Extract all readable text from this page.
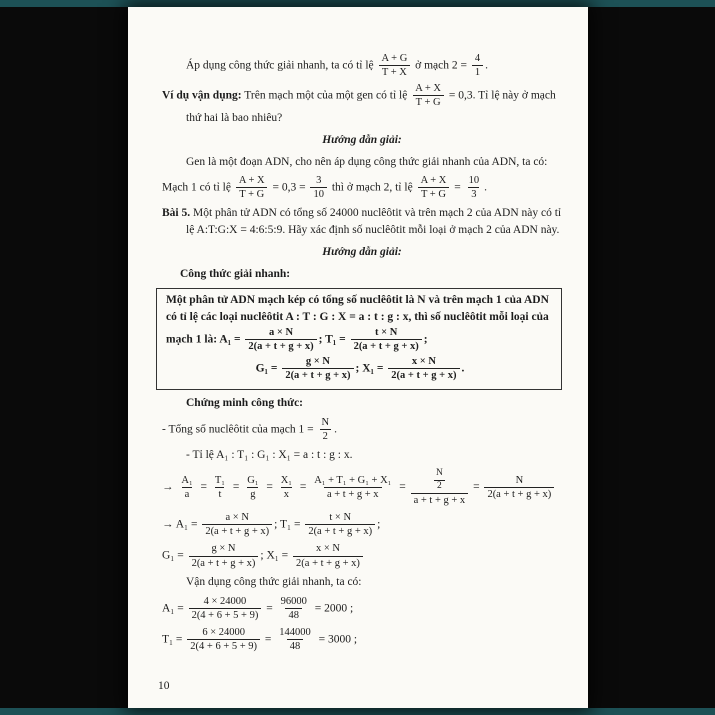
Áp dụng công thức giải nhanh, ta có tỉ lệ $\frac{A + G}{T + X}$ ở mạch $2 = \frac{4}{1}$ .

Ví dụ vận dụng: Trên mạch một của một gen có tỉ lệ $\frac{A + X}{T + G} = 0,3$. Tỉ lệ này ở mạch thứ hai là bao nhiêu?

Hướng dẫn giải:

Gen là một đoạn ADN, cho nên áp dụng công thức giải nhanh của ADN, ta có:

Mạch 1 có tỉ lệ $\frac{A + X}{T + G} = 0,3 = \frac{3}{10}$ thì ở mạch 2, tỉ lệ $\frac{A + X}{T + G} = \frac{10}{3}$ .

Bài 5. Một phân tử ADN có tổng số 24000 nuclêôtit và trên mạch 2 của ADN này có tỉ lệ A:T:G:X = 4:6:5:9. Hãy xác định số nuclêôtit mỗi loại ở mạch 2 của ADN này.

Hướng dẫn giải:

Công thức giải nhanh:

Một phân tử ADN mạch kép có tổng số nuclêôtit là N và trên mạch 1 của ADN có tỉ lệ các loại nuclêôtit A : T : G : X = a : t : g : x, thì số nuclêôtit mỗi loại của mạch 1 là: $A_1 = \frac{a \times N}{2(a + t + g + x)}$ ; $T_1 = \frac{t \times N}{2(a + t + g + x)}$ ;
$G_1 = \frac{g \times N}{2(a + t + g + x)}$ ; $X_1 = \frac{x \times N}{2(a + t + g + x)}$ .

Chứng minh công thức:

- Tổng số nuclêôtit của mạch $1 = \frac{N}{2}$ .

- Tỉ lệ A₁ : T₁ : G₁ : X₁ = a : t : g : x.

→ $\frac{\text{A₁}}{a} = \frac{\text{T₁}}{t} = \frac{\text{G₁}}{g} = \frac{\text{X₁}}{x} = \frac{\text{A₁ + T₁ + G₁ + X₁}}{a + t + g + x} = \frac{\frac{N}{2}}{a + t + g + x} = \frac{N}{2(a + t + g + x)}$

→ $A_1 = \frac{a \times N}{2(a + t + g + x)}$ ; $T_1 = \frac{t \times N}{2(a + t + g + x)}$ ;

$G_1 = \frac{g \times N}{2(a + t + g + x)}$ ; $X_1 = \frac{x \times N}{2(a + t + g + x)}$

Vận dụng công thức giải nhanh, ta có:

$A_1 = \frac{4 \times 24000}{2(4 + 6 + 5 + 9)} = \frac{96000}{48} = 2000$ ;

$T_1 = \frac{6 \times 24000}{2(4 + 6 + 5 + 9)} = \frac{144000}{48} = 3000$ ;

10
